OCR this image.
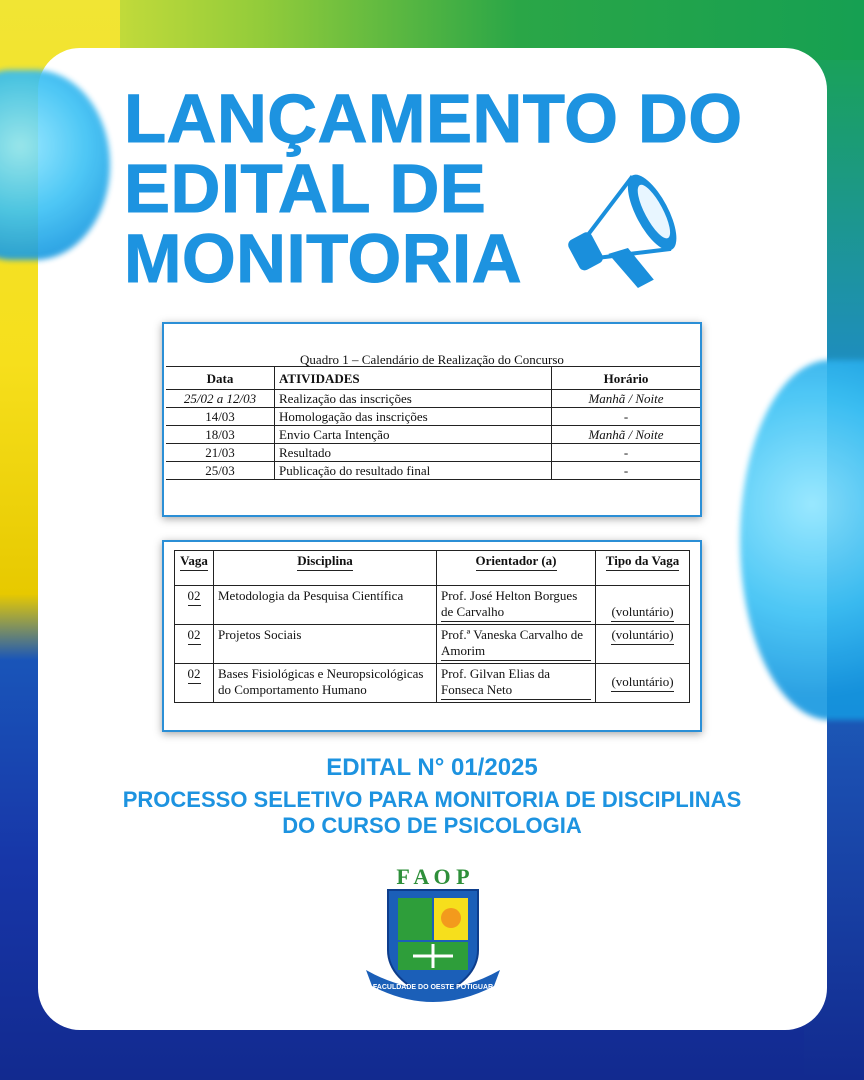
LANÇAMENTO DO
EDITAL DE
MONITORIA
Quadro 1 – Calendário de Realização do Concurso
Data	ATIVIDADES	Horário
25/02 a 12/03	Realização das inscrições	Manhã / Noite
14/03	Homologação das inscrições	-
18/03	Envio Carta Intenção	Manhã / Noite
21/03	Resultado	-
25/03	Publicação do resultado final	-
Vaga	Disciplina	Orientador (a)	Tipo da Vaga
02	Metodologia da Pesquisa Científica	Prof. José Helton Borgues de Carvalho	(voluntário)
02	Projetos Sociais	Prof.ª Vaneska Carvalho de Amorim	(voluntário)
02	Bases Fisiológicas e Neuropsicológicas do Comportamento Humano	Prof. Gilvan Elias da Fonseca Neto	(voluntário)
EDITAL N° 01/2025
PROCESSO SELETIVO PARA MONITORIA DE DISCIPLINAS
DO CURSO DE PSICOLOGIA
F A O P
FACULDADE DO OESTE POTIGUAR
